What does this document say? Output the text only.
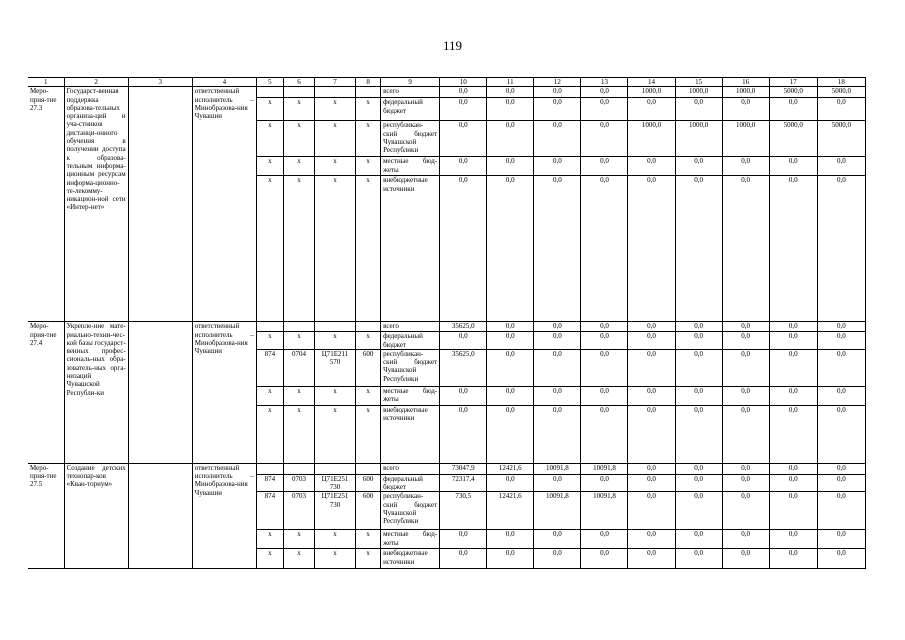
119
1	2	3	4	5	6	7	8	9	10	11	12	13	14	15	16	17	18
Меро-прия-тие 27.3	Государст-венная поддержка образова-тельных организа-ций и уча-стников дистанци-онного обучения в получении доступа к образова-тельным информа-ционным ресурсам информа-ционно-те-лекомму-никацион-ной сети «Интер-нет»		ответственный исполнитель – Минобразова-ния Чувашии					всего	0,0	0,0	0,0	0,0	1000,0	1000,0	1000,0	5000,0	5000,0
				x	x	x	x	федеральный бюджет	0,0	0,0	0,0	0,0	0,0	0,0	0,0	0,0	0,0
				x	x	x	x	республикан-ский бюджет Чувашской Республики	0,0	0,0	0,0	0,0	1000,0	1000,0	1000,0	5000,0	5000,0
				x	x	x	x	местные бюд-жеты	0,0	0,0	0,0	0,0	0,0	0,0	0,0	0,0	0,0
				x	x	x	x	внебюджетные источники	0,0	0,0	0,0	0,0	0,0	0,0	0,0	0,0	0,0
Меро-прия-тие 27.4	Укрепле-ние мате-риально-техни-чес-кой базы государст-венных профес-сиональ-ных обра-зователь-ных орга-низаций Чувашской Республи-ки		ответственный исполнитель – Минобразова-ния Чувашии					всего	35625,0	0,0	0,0	0,0	0,0	0,0	0,0	0,0	0,0
				x	x	x	x	федеральный бюджет	0,0	0,0	0,0	0,0	0,0	0,0	0,0	0,0	0,0
				874	0704	Ц71Е211 570	600	республикан-ский бюджет Чувашской Республики	35625,0	0,0	0,0	0,0	0,0	0,0	0,0	0,0	0,0
				x	x	x	x	местные бюд-жеты	0,0	0,0	0,0	0,0	0,0	0,0	0,0	0,0	0,0
				x	x	x	x	внебюджетные источники	0,0	0,0	0,0	0,0	0,0	0,0	0,0	0,0	0,0
Меро-прия-тие 27.5	Создание детских технопар-ков «Кван-ториум»		ответственный исполнитель – Минобразова-ния Чувашии					всего	73047,9	12421,6	10091,8	10091,8	0,0	0,0	0,0	0,0	0,0
				874	0703	Ц71Е251 730	600	федеральный бюджет	72317,4	0,0	0,0	0,0	0,0	0,0	0,0	0,0	0,0
				874	0703	Ц71Е251 730	600	республикан-ский бюджет Чувашской Республики	730,5	12421,6	10091,8	10091,8	0,0	0,0	0,0	0,0	0,0
				x	x	x	x	местные бюд-жеты	0,0	0,0	0,0	0,0	0,0	0,0	0,0	0,0	0,0
				x	x	x	x	внебюджетные источники	0,0	0,0	0,0	0,0	0,0	0,0	0,0	0,0	0,0
